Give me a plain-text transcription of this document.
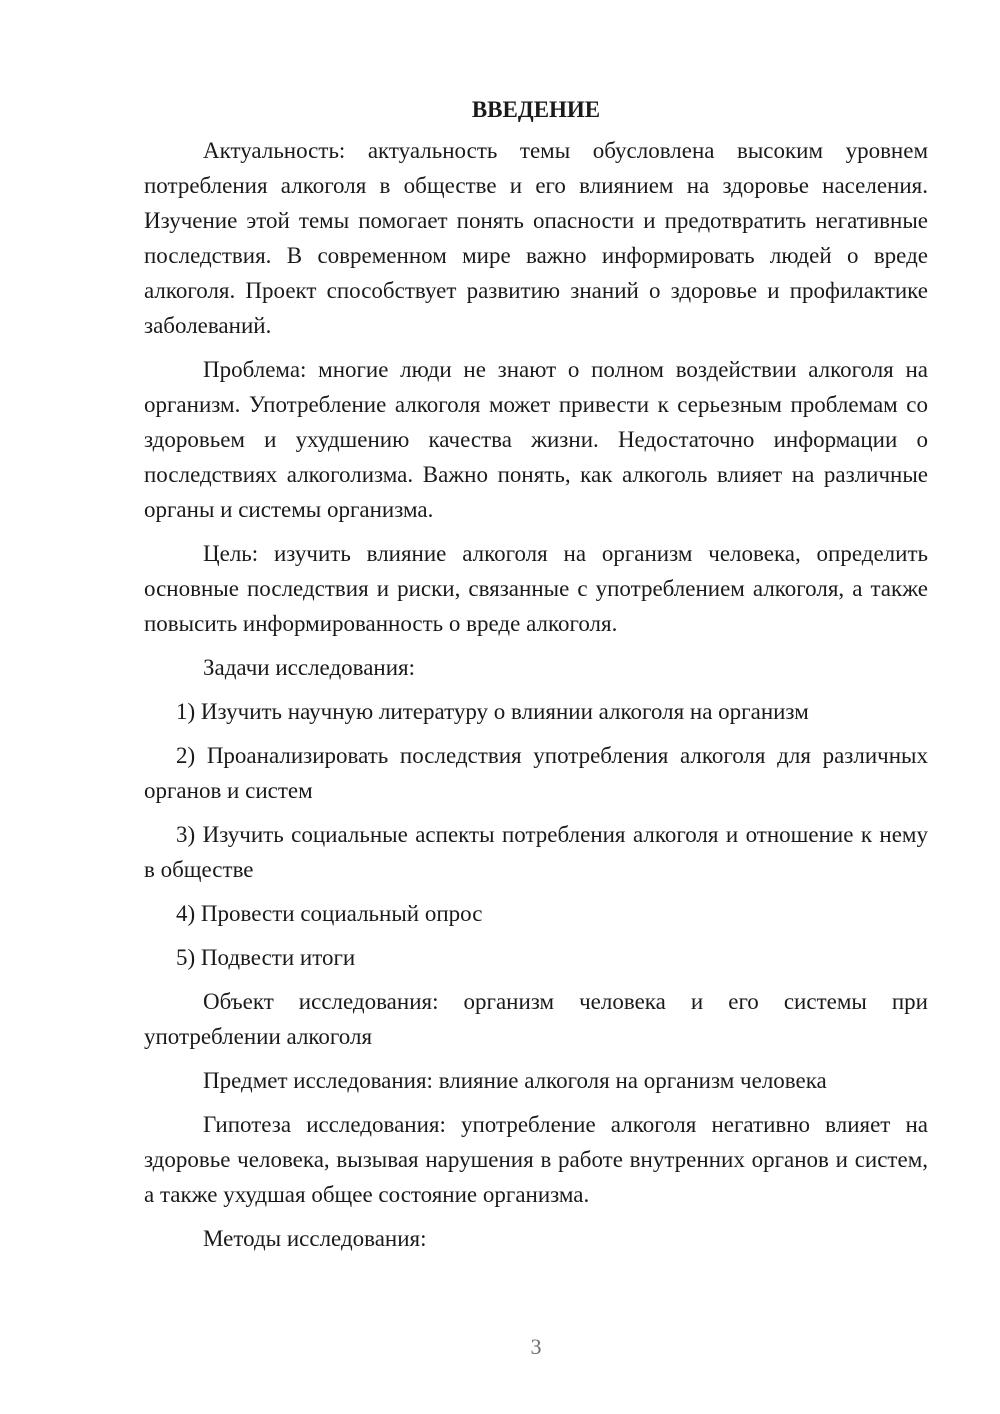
ВВЕДЕНИЕ

Актуальность: актуальность темы обусловлена высоким уровнем потребления алкоголя в обществе и его влиянием на здоровье населения. Изучение этой темы помогает понять опасности и предотвратить негативные последствия. В современном мире важно информировать людей о вреде алкоголя. Проект способствует развитию знаний о здоровье и профилактике заболеваний.

Проблема: многие люди не знают о полном воздействии алкоголя на организм. Употребление алкоголя может привести к серьезным проблемам со здоровьем и ухудшению качества жизни. Недостаточно информации о последствиях алкоголизма. Важно понять, как алкоголь влияет на различные органы и системы организма.

Цель: изучить влияние алкоголя на организм человека, определить основные последствия и риски, связанные с употреблением алкоголя, а также повысить информированность о вреде алкоголя.

Задачи исследования:

1) Изучить научную литературу о влиянии алкоголя на организм

2) Проанализировать последствия употребления алкоголя для различных органов и систем

3) Изучить социальные аспекты потребления алкоголя и отношение к нему в обществе

4) Провести социальный опрос

5) Подвести итоги

Объект исследования: организм человека и его системы при употреблении алкоголя

Предмет исследования: влияние алкоголя на организм человека

Гипотеза исследования: употребление алкоголя негативно влияет на здоровье человека, вызывая нарушения в работе внутренних органов и систем, а также ухудшая общее состояние организма.

Методы исследования:

3
